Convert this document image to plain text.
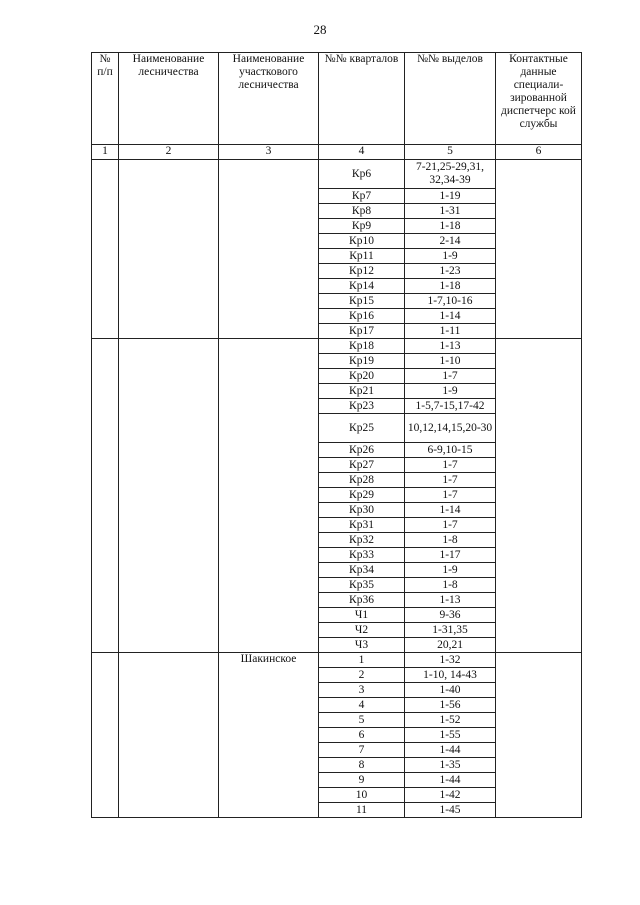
28
№ п/п	Наименование лесничества	Наименование участкового лесничества	№№ кварталов	№№ выделов	Контактные данные специали-зированной диспетчерс кой службы
1	2	3	4	5	6
			Кр6	7-21,25-29,31, 32,34-39	
			Кр7	1-19	
			Кр8	1-31	
			Кр9	1-18	
			Кр10	2-14	
			Кр11	1-9	
			Кр12	1-23	
			Кр14	1-18	
			Кр15	1-7,10-16	
			Кр16	1-14	
			Кр17	1-11	
			Кр18	1-13	
			Кр19	1-10	
			Кр20	1-7	
			Кр21	1-9	
			Кр23	1-5,7-15,17-42	
			Кр25	10,12,14,15,20-30	
			Кр26	6-9,10-15	
			Кр27	1-7	
			Кр28	1-7	
			Кр29	1-7	
			Кр30	1-14	
			Кр31	1-7	
			Кр32	1-8	
			Кр33	1-17	
			Кр34	1-9	
			Кр35	1-8	
			Кр36	1-13	
			Ч1	9-36	
			Ч2	1-31,35	
			Ч3	20,21	
		Шакинское	1	1-32	
			2	1-10, 14-43	
			3	1-40	
			4	1-56	
			5	1-52	
			6	1-55	
			7	1-44	
			8	1-35	
			9	1-44	
			10	1-42	
			11	1-45	
